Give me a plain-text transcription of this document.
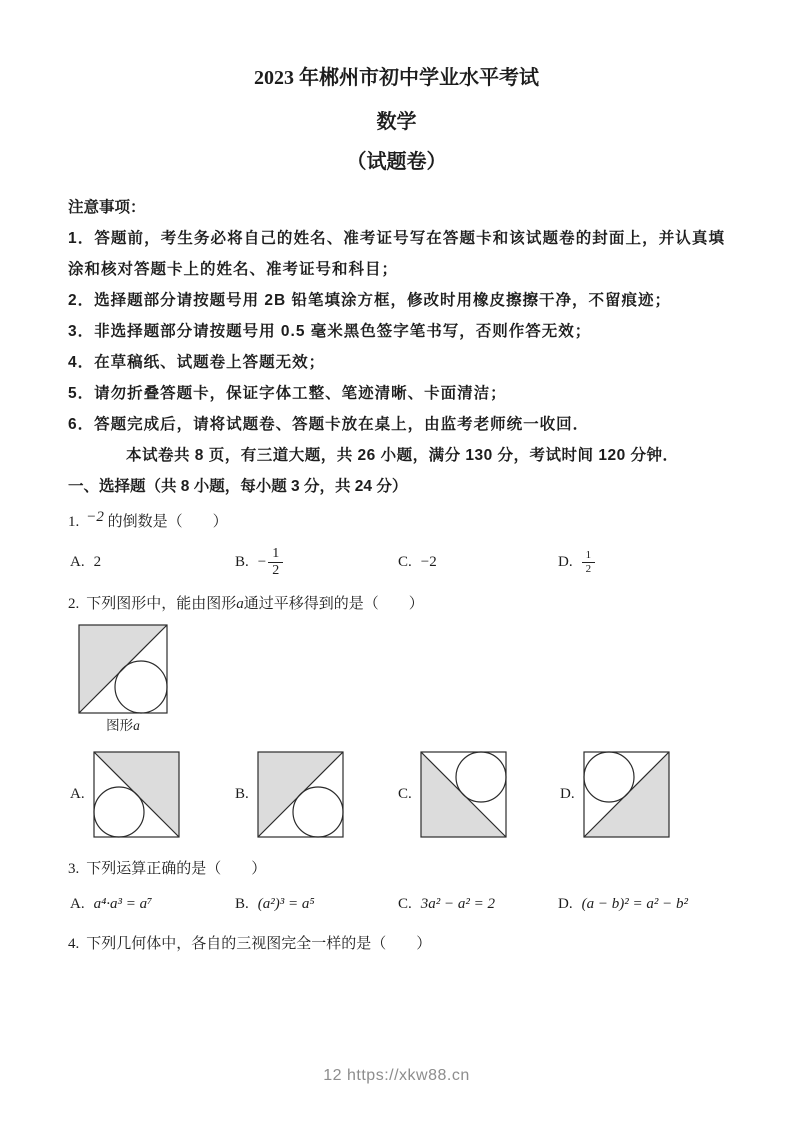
2023 年郴州市初中学业水平考试
数学
（试题卷）

注意事项：

1．答题前，考生务必将自己的姓名、准考证号写在答题卡和该试题卷的封面上，并认真填涂和核对答题卡上的姓名、准考证号和科目；

2．选择题部分请按题号用 2B 铅笔填涂方框，修改时用橡皮擦擦干净，不留痕迹；

3．非选择题部分请按题号用 0.5 毫米黑色签字笔书写，否则作答无效；

4．在草稿纸、试题卷上答题无效；

5．请勿折叠答题卡，保证字体工整、笔迹清晰、卡面清洁；

6．答题完成后，请将试题卷、答题卡放在桌上，由监考老师统一收回．

本试卷共 8 页，有三道大题，共 26 小题，满分 130 分，考试时间 120 分钟．

一、选择题（共 8 小题，每小题 3 分，共 24 分）

1. −2 的倒数是（　　）

A. 2	B. − $\frac{1}{2}$	C. −2	D. $\frac{1}{2}$

2. 下列图形中，能由图形a通过平移得到的是（　　）

图形a
A.	B.	C.	D.

3. 下列运算正确的是（　　）

A. a⁴·a³ = a⁷	B. (a²)³ = a⁵	C. 3a² − a² = 2	D. (a − b)² = a² − b²

4. 下列几何体中，各自的三视图完全一样的是（　　）

12 https://xkw88.cn
